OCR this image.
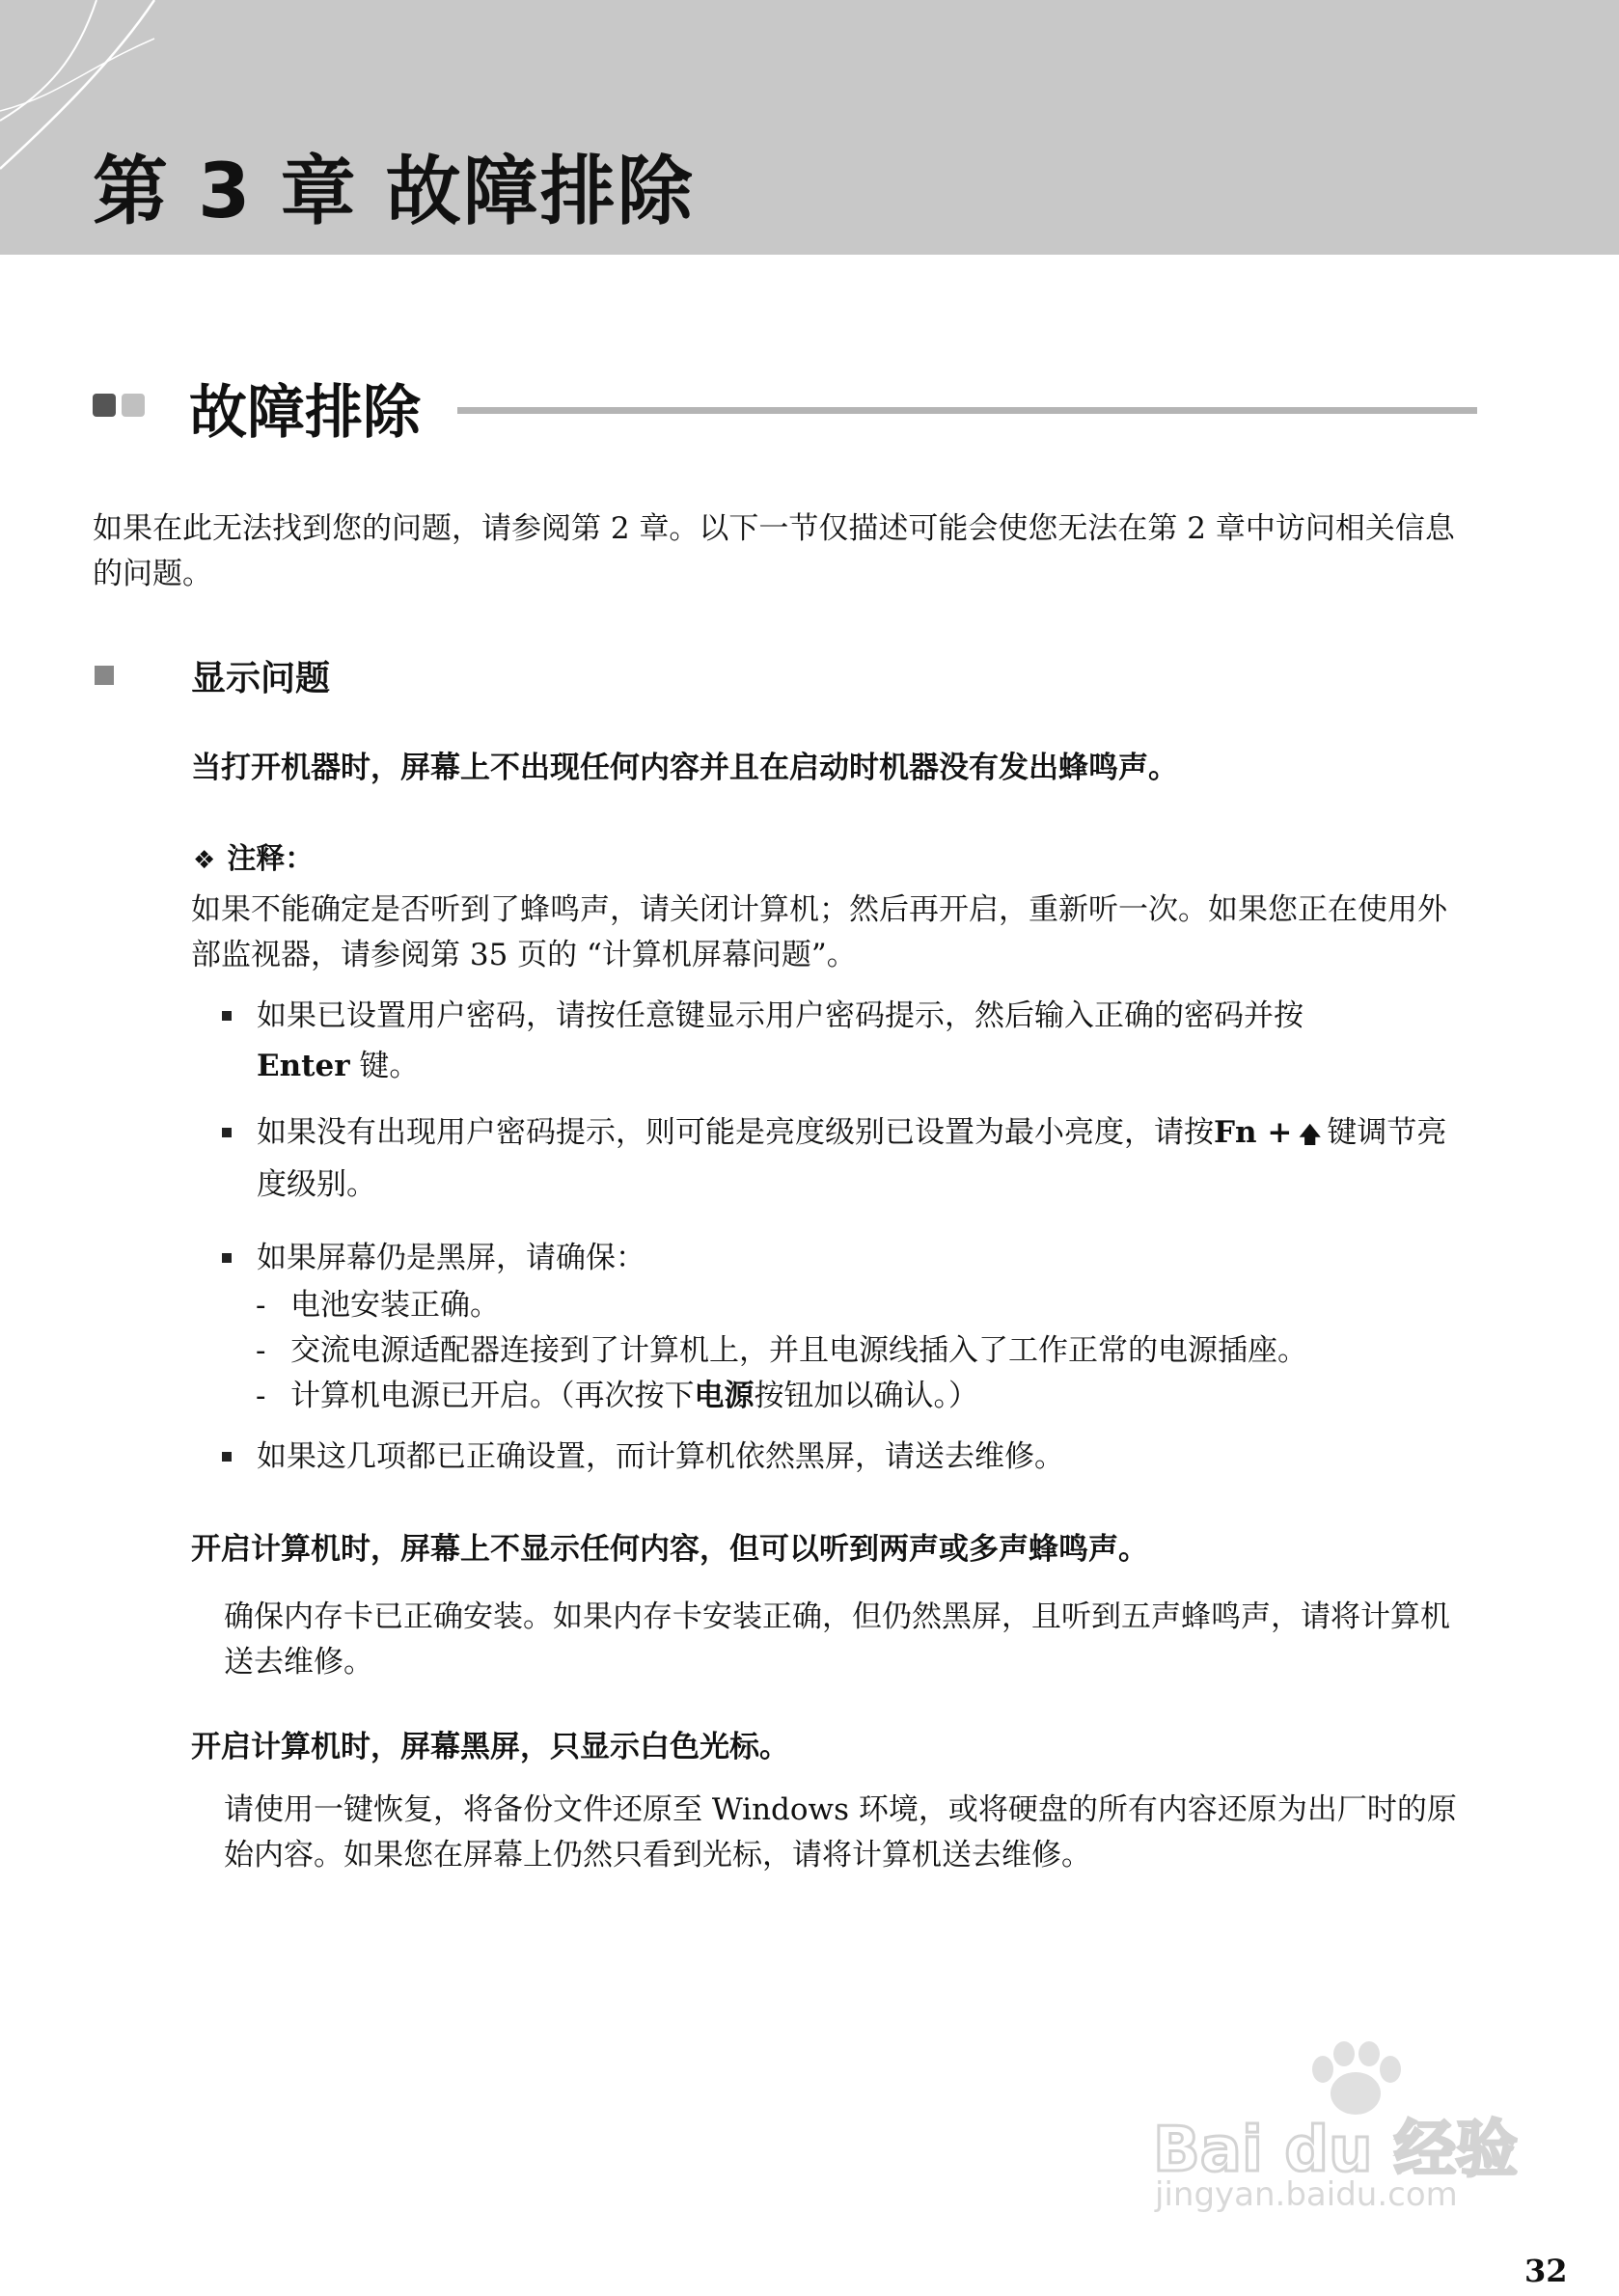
第 3 章 故障排除
故障排除

如果在此无法找到您的问题，请参阅第 2 章。以下一节仅描述可能会使您无法在第 2 章中访问相关信息的问题。

显示问题
当打开机器时，屏幕上不出现任何内容并且在启动时机器没有发出蜂鸣声。
❖ 注释：

如果不能确定是否听到了蜂鸣声，请关闭计算机；然后再开启，重新听一次。如果您正在使用外部监视器，请参阅第 35 页的 “计算机屏幕问题”。

如果已设置用户密码，请按任意键显示用户密码提示，然后输入正确的密码并按
Enter 键。
如果没有出现用户密码提示，则可能是亮度级别已设置为最小亮度，请按Fn + 🡅 键调节亮度级别。
如果屏幕仍是黑屏，请确保：
- 电池安装正确。
- 交流电源适配器连接到了计算机上，并且电源线插入了工作正常的电源插座。
- 计算机电源已开启。（再次按下电源按钮加以确认。）
如果这几项都已正确设置，而计算机依然黑屏，请送去维修。
开启计算机时，屏幕上不显示任何内容，但可以听到两声或多声蜂鸣声。

确保内存卡已正确安装。如果内存卡安装正确，但仍然黑屏，且听到五声蜂鸣声，请将计算机送去维修。

开启计算机时，屏幕黑屏，只显示白色光标。

请使用一键恢复，将备份文件还原至 Windows 环境，或将硬盘的所有内容还原为出厂时的原始内容。如果您在屏幕上仍然只看到光标，请将计算机送去维修。

Bai du 经验
jingyan.baidu.com
32
